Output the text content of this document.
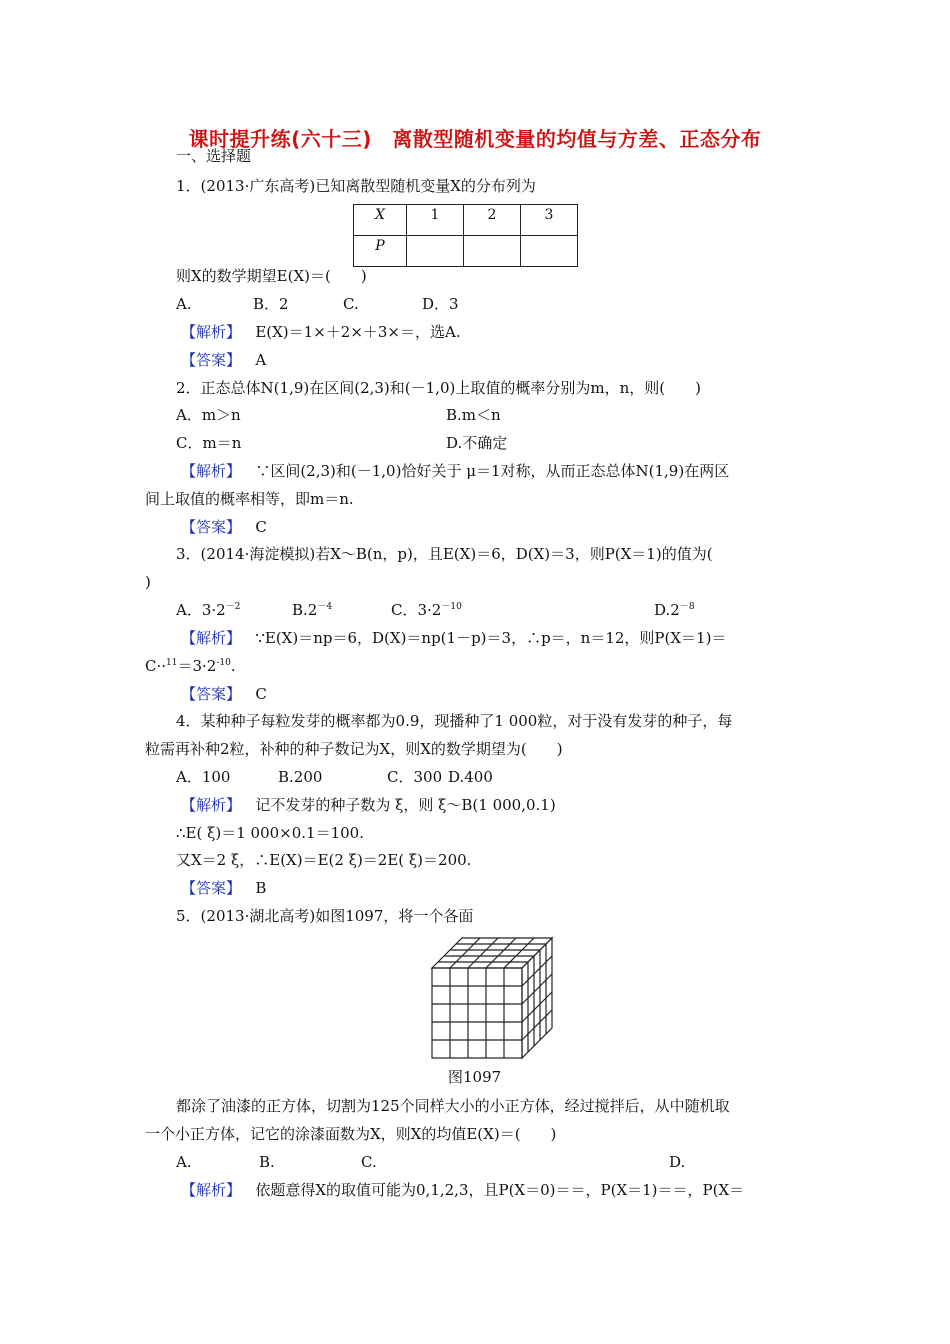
课时提升练(六十三)　离散型随机变量的均值与方差、正态分布
一、选择题
1．(2013·广东高考)已知离散型随机变量X的分布列为
X	1	2	3
P			
则X的数学期望E(X)＝(　　)
A.	B．2	C.	D．3
【解析】 E(X)＝1×＋2×＋3×＝，选A.
【答案】 A
2．正态总体N(1,9)在区间(2,3)和(－1,0)上取值的概率分别为m，n，则(　　)
A．m＞n	B.m＜n
C．m＝n	D.不确定
【解析】 ∵区间(2,3)和(－1,0)恰好关于 μ＝1对称，从而正态总体N(1,9)在两区
间上取值的概率相等，即m＝n.
【答案】 C
3．(2014·海淀模拟)若X～B(n，p)，且E(X)＝6，D(X)＝3，则P(X＝1)的值为(
)
A．$3\cdot 2^{-2}$	$B.2^{-4}$	C．$3\cdot 2^{-10}$	$D.2^{-8}$
【解析】 ∵E(X)＝np＝6，D(X)＝np(1－p)＝3，∴p＝，n＝12，则P(X＝1)＝
$C\cdot\cdot^{11}=3\cdot 2^{-10}$.
【答案】 C
4．某种种子每粒发芽的概率都为0.9，现播种了1 000粒，对于没有发芽的种子，每
粒需再补种2粒，补种的种子数记为X，则X的数学期望为(　　)
A．100	B.200	C．300 D.400
【解析】 记不发芽的种子数为 ξ，则 ξ～B(1 000,0.1)
∴E( ξ)＝1 000×0.1＝100.
又X＝2 ξ，∴E(X)＝E(2 ξ)＝2E( ξ)＝200.
【答案】 B
5．(2013·湖北高考)如图1097，将一个各面
图1097
都涂了油漆的正方体，切割为125个同样大小的小正方体，经过搅拌后，从中随机取
一个小正方体，记它的涂漆面数为X，则X的均值E(X)＝(　　)
A.	B.	C.	D.
【解析】 依题意得X的取值可能为0,1,2,3，且P(X＝0)＝＝，P(X＝1)＝＝，P(X＝
